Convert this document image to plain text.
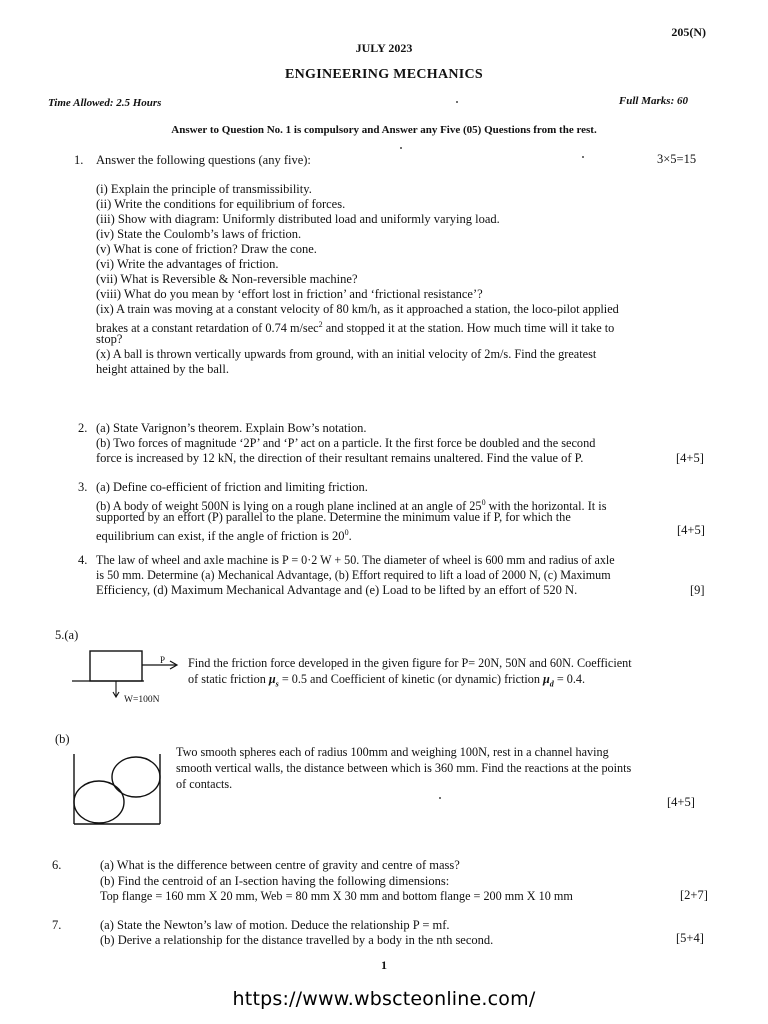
205(N)
JULY 2023
ENGINEERING MECHANICS
Time Allowed: 2.5 Hours	Full Marks: 60
Answer to Question No. 1 is compulsory and Answer any Five (05) Questions from the rest.
1. Answer the following questions (any five):	3×5=15
(i) Explain the principle of transmissibility.
(ii) Write the conditions for equilibrium of forces.
(iii) Show with diagram: Uniformly distributed load and uniformly varying load.
(iv) State the Coulomb’s laws of friction.
(v) What is cone of friction? Draw the cone.
(vi) Write the advantages of friction.
(vii) What is Reversible & Non-reversible machine?
(viii) What do you mean by ‘effort lost in friction’ and ‘frictional resistance’?
(ix) A train was moving at a constant velocity of 80 km/h, as it approached a station, the loco-pilot applied
brakes at a constant retardation of 0.74 $m/\sec^2$ and stopped it at the station. How much time will it take to
stop?
(x) A ball is thrown vertically upwards from ground, with an initial velocity of 2m/s. Find the greatest
height attained by the ball.
2. (a) State Varignon’s theorem. Explain Bow’s notation.
(b) Two forces of magnitude ‘2P’ and ‘P’ act on a particle. It the first force be doubled and the second
force is increased by 12 kN, the direction of their resultant remains unaltered. Find the value of P.	[4+5]
3. (a) Define co-efficient of friction and limiting friction.
(b) A body of weight 500N is lying on a rough plane inclined at an angle of $25^0$ with the horizontal. It is
supported by an effort (P) parallel to the plane. Determine the minimum value if P, for which the
equilibrium can exist, if the angle of friction is $20^0$.	[4+5]
4. The law of wheel and axle machine is P = 0·2 W + 50. The diameter of wheel is 600 mm and radius of axle
is 50 mm. Determine (a) Mechanical Advantage, (b) Effort required to lift a load of 2000 N, (c) Maximum
Efficiency, (d) Maximum Mechanical Advantage and (e) Load to be lifted by an effort of 520 N.	[9]
5.(a)
P
W=100N
Find the friction force developed in the given figure for P= 20N, 50N and 60N. Coefficient
of static friction $\mu_s = 0.5$ and Coefficient of kinetic (or dynamic) friction $\mu_d = 0.4$.
(b)
Two smooth spheres each of radius 100mm and weighing 100N, rest in a channel having
smooth vertical walls, the distance between which is 360 mm. Find the reactions at the points
of contacts.
[4+5]
6.	(a) What is the difference between centre of gravity and centre of mass?
(b) Find the centroid of an I-section having the following dimensions:
Top flange = 160 mm X 20 mm, Web = 80 mm X 30 mm and bottom flange = 200 mm X 10 mm	[2+7]
7.	(a) State the Newton’s law of motion. Deduce the relationship P = mf.
(b) Derive a relationship for the distance travelled by a body in the nth second.	[5+4]
1
https://www.wbscteonline.com/
